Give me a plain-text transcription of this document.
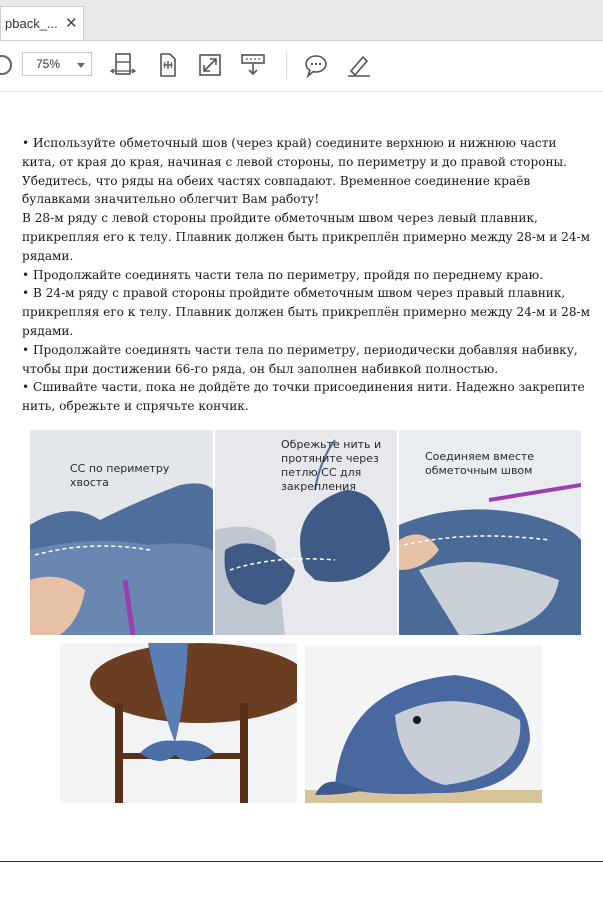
pback_... ✕
75%

• Используйте обметочный шов (через край) соедините верхнюю и нижнюю части кита, от края до края, начиная с левой стороны, по периметру и до правой стороны. Убедитесь, что ряды на обеих частях совпадают. Временное соединение краёв булавками значительно облегчит Вам работу!

В 28-м ряду с левой стороны пройдите обметочным швом через левый плавник, прикрепляя его к телу. Плавник должен быть прикреплён примерно между 28-м и 24-м рядами.

• Продолжайте соединять части тела по периметру, пройдя по переднему краю.

• В 24-м ряду с правой стороны пройдите обметочным швом через правый плавник, прикрепляя его к телу. Плавник должен быть прикреплён примерно между 24-м и 28-м рядами.

• Продолжайте соединять части тела по периметру, периодически добавляя набивку, чтобы при достижении 66-го ряда, он был заполнен набивкой полностью.

• Сшивайте части, пока не дойдёте до точки присоединения нити. Надежно закрепите нить, обрежьте и спрячьте кончик.

СС по периметру хвоста
Обрежьте нить и протяните через петлю СС для закрепления
Соединяем вместе обметочным швом
